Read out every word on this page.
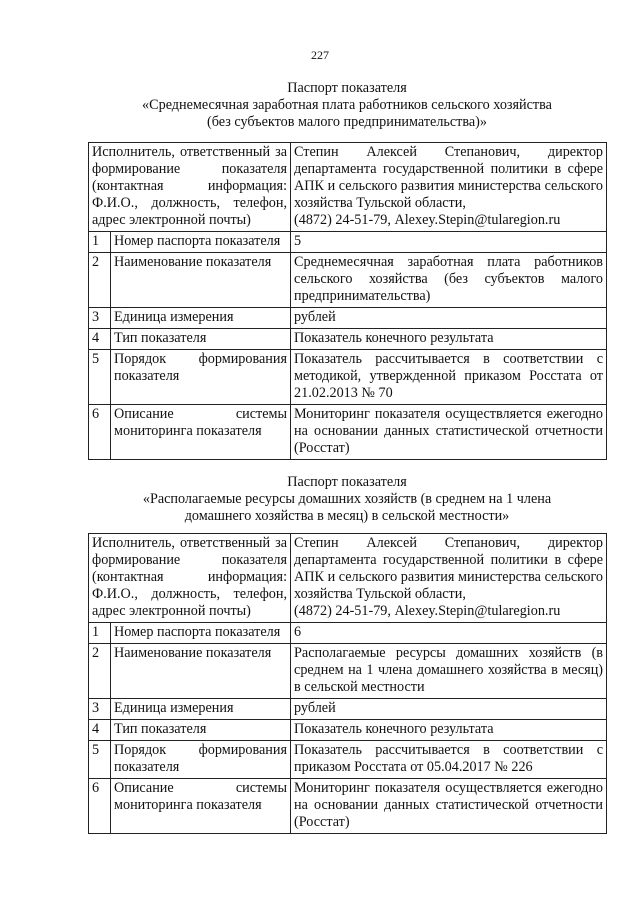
227
Паспорт показателя
«Среднемесячная заработная плата работников сельского хозяйства
(без субъектов малого предпринимательства)»
Исполнитель, ответственный за формирование показателя (контактная информация: Ф.И.О., должность, телефон, адрес электронной почты)		Степин Алексей Степанович, директор департамента государственной политики в сфере АПК и сельского развития министерства сельского хозяйства Тульской области,
(4872) 24-51-79, Alexey.Stepin@tularegion.ru
1	Номер паспорта показателя	5
2	Наименование показателя	Среднемесячная заработная плата работников сельского хозяйства (без субъектов малого предпринимательства)
3	Единица измерения	рублей
4	Тип показателя	Показатель конечного результата
5	Порядок формирования показателя	Показатель рассчитывается в соответствии с методикой, утвержденной приказом Росстата от 21.02.2013 № 70
6	Описание системы мониторинга показателя	Мониторинг показателя осуществляется ежегодно на основании данных статистической отчетности (Росстат)
Паспорт показателя
«Располагаемые ресурсы домашних хозяйств (в среднем на 1 члена
домашнего хозяйства в месяц) в сельской местности»
Исполнитель, ответственный за формирование показателя (контактная информация: Ф.И.О., должность, телефон, адрес электронной почты)		Степин Алексей Степанович, директор департамента государственной политики в сфере АПК и сельского развития министерства сельского хозяйства Тульской области,
(4872) 24-51-79, Alexey.Stepin@tularegion.ru
1	Номер паспорта показателя	6
2	Наименование показателя	Располагаемые ресурсы домашних хозяйств (в среднем на 1 члена домашнего хозяйства в месяц) в сельской местности
3	Единица измерения	рублей
4	Тип показателя	Показатель конечного результата
5	Порядок формирования показателя	Показатель рассчитывается в соответствии с приказом Росстата от 05.04.2017 № 226
6	Описание системы мониторинга показателя	Мониторинг показателя осуществляется ежегодно на основании данных статистической отчетности (Росстат)
